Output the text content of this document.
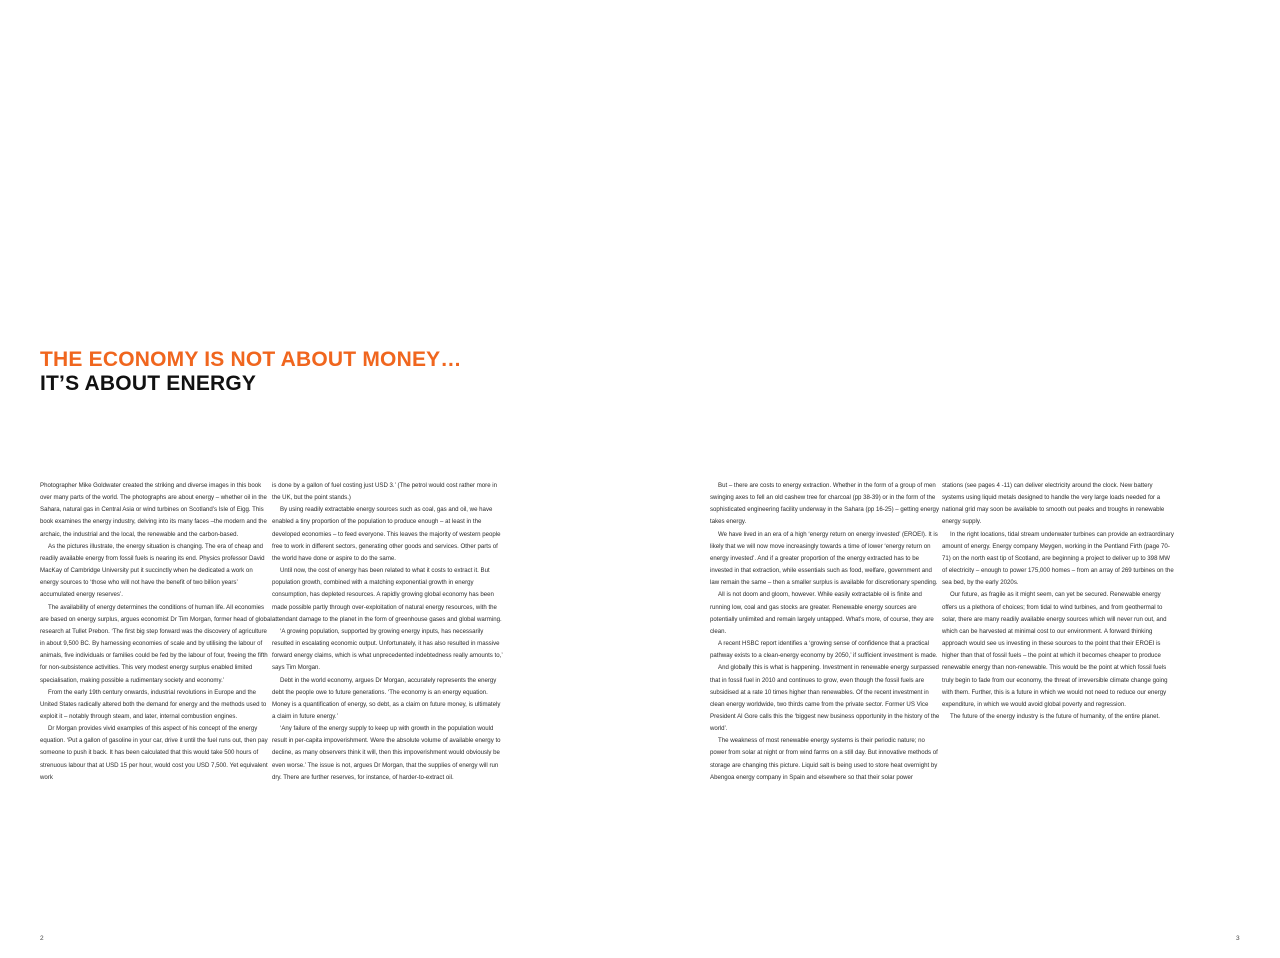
THE ECONOMY IS NOT ABOUT MONEY…
IT’S ABOUT ENERGY

Photographer Mike Goldwater created the striking and diverse images in this book over many parts of the world. The photographs are about energy – whether oil in the Sahara, natural gas in Central Asia or wind turbines on Scotland’s Isle of Eigg. This book examines the energy industry, delving into its many faces –the modern and the archaic, the industrial and the local, the renewable and the carbon-based.

As the pictures illustrate, the energy situation is changing. The era of cheap and readily available energy from fossil fuels is nearing its end. Physics professor David MacKay of Cambridge University put it succinctly when he dedicated a work on energy sources to ‘those who will not have the benefit of two billion years’ accumulated energy reserves’.

The availability of energy determines the conditions of human life. All economies are based on energy surplus, argues economist Dr Tim Morgan, former head of global research at Tullet Prebon. ‘The first big step forward was the discovery of agriculture in about 9,500 BC. By harnessing economies of scale and by utilising the labour of animals, five individuals or families could be fed by the labour of four, freeing the fifth for non-subsistence activities. This very modest energy surplus enabled limited specialisation, making possible a rudimentary society and economy.’

From the early 19th century onwards, industrial revolutions in Europe and the United States radically altered both the demand for energy and the methods used to exploit it – notably through steam, and later, internal combustion engines.

Dr Morgan provides vivid examples of this aspect of his concept of the energy equation. ‘Put a gallon of gasoline in your car, drive it until the fuel runs out, then pay someone to push it back. It has been calculated that this would take 500 hours of strenuous labour that at USD 15 per hour, would cost you USD 7,500. Yet equivalent work

is done by a gallon of fuel costing just USD 3.’ (The petrol would cost rather more in the UK, but the point stands.)

By using readily extractable energy sources such as coal, gas and oil, we have enabled a tiny proportion of the population to produce enough – at least in the developed economies – to feed everyone. This leaves the majority of western people free to work in different sectors, generating other goods and services. Other parts of the world have done or aspire to do the same.

Until now, the cost of energy has been related to what it costs to extract it. But population growth, combined with a matching exponential growth in energy consumption, has depleted resources. A rapidly growing global economy has been made possible partly through over-exploitation of natural energy resources, with the attendant damage to the planet in the form of greenhouse gases and global warming.

‘A growing population, supported by growing energy inputs, has necessarily resulted in escalating economic output. Unfortunately, it has also resulted in massive forward energy claims, which is what unprecedented indebtedness really amounts to,’ says Tim Morgan.

Debt in the world economy, argues Dr Morgan, accurately represents the energy debt the people owe to future generations. ‘The economy is an energy equation. Money is a quantification of energy, so debt, as a claim on future money, is ultimately a claim in future energy.’

‘Any failure of the energy supply to keep up with growth in the population would result in per-capita impoverishment. Were the absolute volume of available energy to decline, as many observers think it will, then this impoverishment would obviously be even worse.’ The issue is not, argues Dr Morgan, that the supplies of energy will run dry. There are further reserves, for instance, of harder-to-extract oil.

But – there are costs to energy extraction. Whether in the form of a group of men swinging axes to fell an old cashew tree for charcoal (pp 38-39) or in the form of the sophisticated engineering facility underway in the Sahara (pp 16-25) – getting energy takes energy.

We have lived in an era of a high ‘energy return on energy invested’ (EROEI). It is likely that we will now move increasingly towards a time of lower ‘energy return on energy invested’. And if a greater proportion of the energy extracted has to be invested in that extraction, while essentials such as food, welfare, government and law remain the same – then a smaller surplus is available for discretionary spending.

All is not doom and gloom, however. While easily extractable oil is finite and running low, coal and gas stocks are greater. Renewable energy sources are potentially unlimited and remain largely untapped. What’s more, of course, they are clean.

A recent HSBC report identifies a ‘growing sense of confidence that a practical pathway exists to a clean-energy economy by 2050,’ if sufficient investment is made.

And globally this is what is happening. Investment in renewable energy surpassed that in fossil fuel in 2010 and continues to grow, even though the fossil fuels are subsidised at a rate 10 times higher than renewables. Of the recent investment in clean energy worldwide, two thirds came from the private sector. Former US Vice President Al Gore calls this the ‘biggest new business opportunity in the history of the world’.

The weakness of most renewable energy systems is their periodic nature; no power from solar at night or from wind farms on a still day. But innovative methods of storage are changing this picture. Liquid salt is being used to store heat overnight by Abengoa energy company in Spain and elsewhere so that their solar power

stations (see pages 4 -11) can deliver electricity around the clock. New battery systems using liquid metals designed to handle the very large loads needed for a national grid may soon be available to smooth out peaks and troughs in renewable energy supply.

In the right locations, tidal stream underwater turbines can provide an extraordinary amount of energy. Energy company Meygen, working in the Pentland Firth (page 70-71) on the north east tip of Scotland, are beginning a project to deliver up to 398 MW of electricity – enough to power 175,000 homes – from an array of 269 turbines on the sea bed, by the early 2020s.

Our future, as fragile as it might seem, can yet be secured. Renewable energy offers us a plethora of choices; from tidal to wind turbines, and from geothermal to solar, there are many readily available energy sources which will never run out, and which can be harvested at minimal cost to our environment. A forward thinking approach would see us investing in these sources to the point that their EROEI is higher than that of fossil fuels – the point at which it becomes cheaper to produce renewable energy than non-renewable. This would be the point at which fossil fuels truly begin to fade from our economy, the threat of irreversible climate change going with them. Further, this is a future in which we would not need to reduce our energy expenditure, in which we would avoid global poverty and regression.

The future of the energy industry is the future of humanity, of the entire planet.

2	3
